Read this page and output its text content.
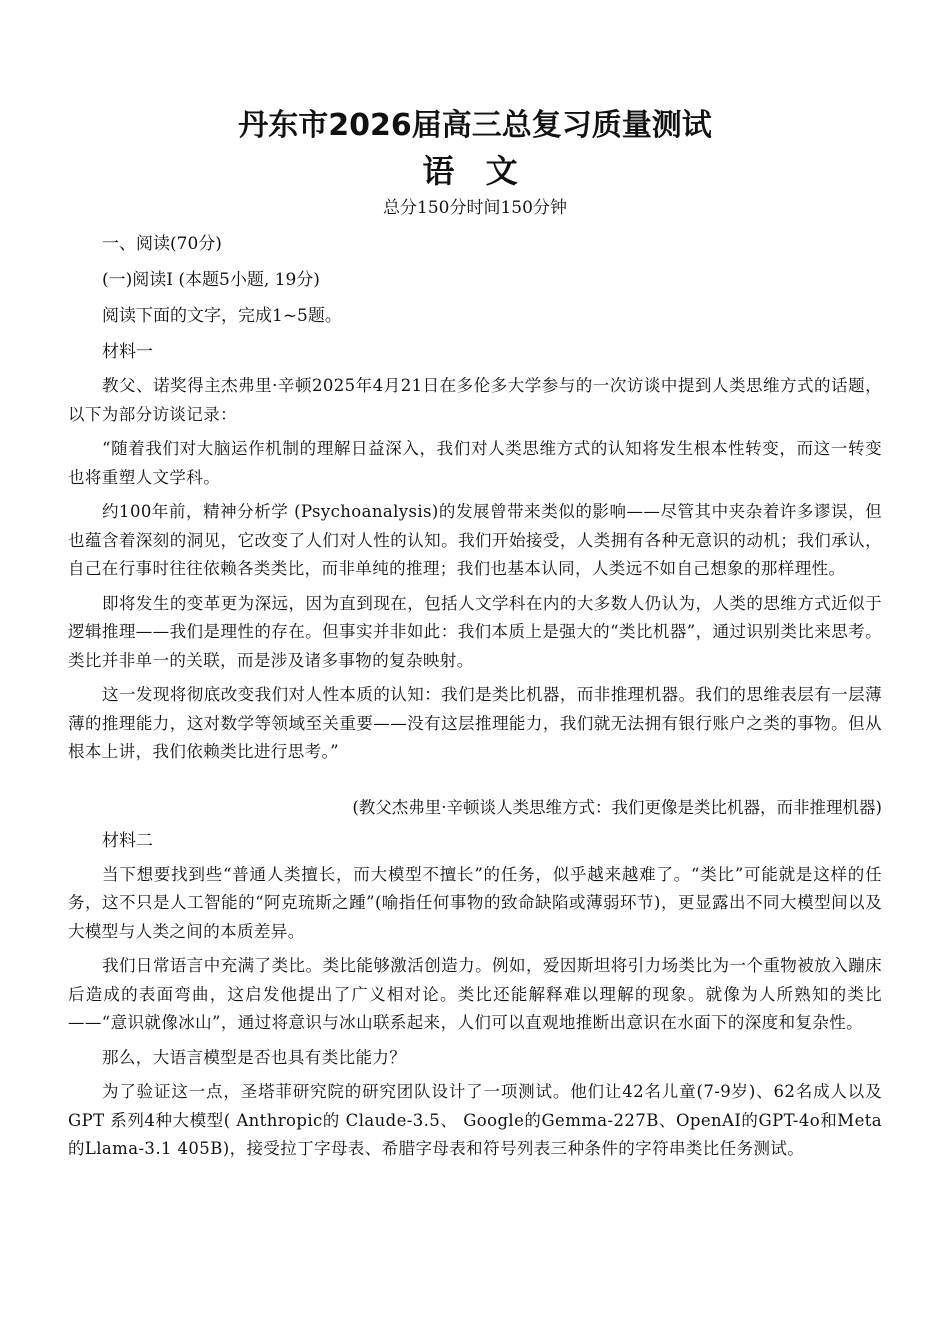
丹东市2026届高三总复习质量测试
语 文

总分150分时间150分钟

一、阅读(70分)

(一)阅读Ⅰ (本题5小题, 19分)

阅读下面的文字，完成1~5题。

材料一

教父、诺奖得主杰弗里·辛顿2025年4月21日在多伦多大学参与的一次访谈中提到人类思维方式的话题，以下为部分访谈记录：

“随着我们对大脑运作机制的理解日益深入，我们对人类思维方式的认知将发生根本性转变，而这一转变也将重塑人文学科。

约100年前，精神分析学 (Psychoanalysis)的发展曾带来类似的影响——尽管其中夹杂着许多谬误，但也蕴含着深刻的洞见，它改变了人们对人性的认知。我们开始接受，人类拥有各种无意识的动机；我们承认，自己在行事时往往依赖各类类比，而非单纯的推理；我们也基本认同，人类远不如自己想象的那样理性。

即将发生的变革更为深远，因为直到现在，包括人文学科在内的大多数人仍认为，人类的思维方式近似于逻辑推理——我们是理性的存在。但事实并非如此：我们本质上是强大的“类比机器”，通过识别类比来思考。类比并非单一的关联，而是涉及诸多事物的复杂映射。

这一发现将彻底改变我们对人性本质的认知：我们是类比机器，而非推理机器。我们的思维表层有一层薄薄的推理能力，这对数学等领域至关重要——没有这层推理能力，我们就无法拥有银行账户之类的事物。但从根本上讲，我们依赖类比进行思考。”

(教父杰弗里·辛顿谈人类思维方式：我们更像是类比机器，而非推理机器)

材料二

当下想要找到些“普通人类擅长，而大模型不擅长”的任务，似乎越来越难了。“类比”可能就是这样的任务，这不只是人工智能的“阿克琉斯之踵”(喻指任何事物的致命缺陷或薄弱环节)，更显露出不同大模型间以及大模型与人类之间的本质差异。

我们日常语言中充满了类比。类比能够激活创造力。例如，爱因斯坦将引力场类比为一个重物被放入蹦床后造成的表面弯曲，这启发他提出了广义相对论。类比还能解释难以理解的现象。就像为人所熟知的类比——“意识就像冰山”，通过将意识与冰山联系起来，人们可以直观地推断出意识在水面下的深度和复杂性。

那么，大语言模型是否也具有类比能力？

为了验证这一点，圣塔菲研究院的研究团队设计了一项测试。他们让42名儿童(7-9岁)、62名成人以及GPT 系列4种大模型( Anthropic的 Claude-3.5、 Google的Gemma-227B、OpenAI的GPT-4o和Meta的Llama-3.1 405B)，接受拉丁字母表、希腊字母表和符号列表三种条件的字符串类比任务测试。
